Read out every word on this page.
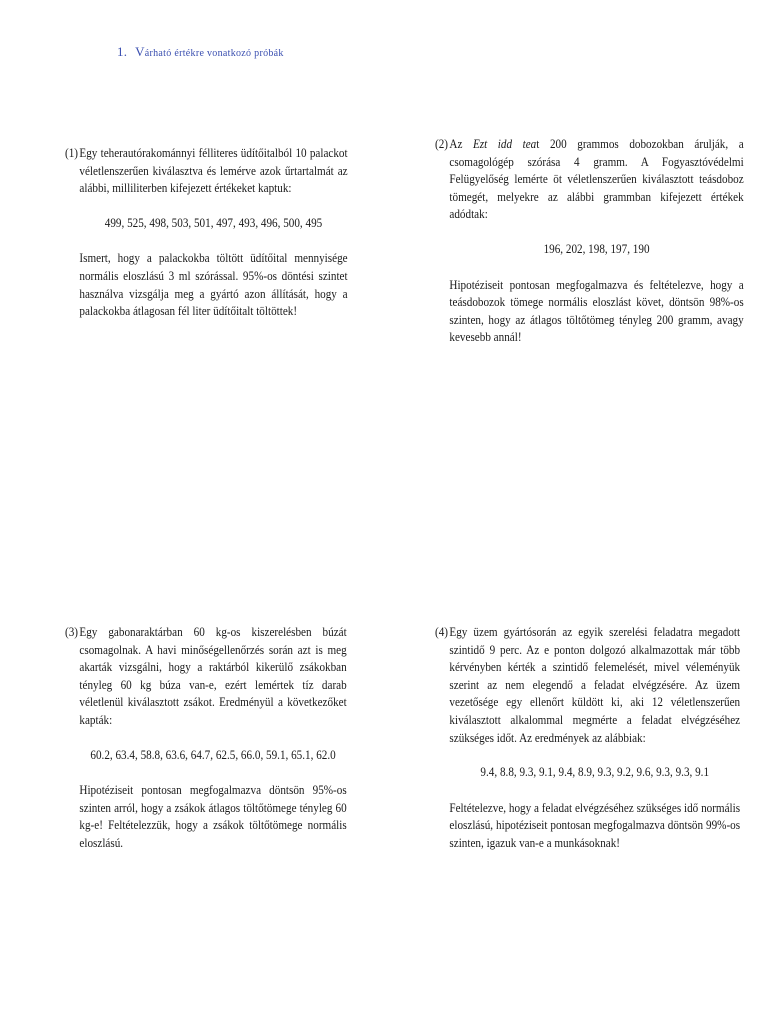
1. Várható értékre vonatkozó próbák
(1) Egy teherautórakománnyi félliteres üdítőitalból 10 palackot véletlenszerűen kiválasztva és lemérve azok űrtartalmát az alábbi, milliliterben kifejezett értékeket kaptuk:
499, 525, 498, 503, 501, 497, 493, 496, 500, 495
Ismert, hogy a palackokba töltött üdítőital mennyisége normális eloszlású 3 ml szórással. 95%-os döntési szintet használva vizsgálja meg a gyártó azon állítását, hogy a palackokba átlagosan fél liter üdítőitalt töltöttek!
(2) Az Ezt idd teat 200 grammos dobozokban árulják, a csomagológép szórása 4 gramm. A Fogyasztóvédelmi Felügyelőség lemérte öt véletlenszerűen kiválasztott teásdoboz tömegét, melyekre az alábbi grammban kifejezett értékek adódtak:
196, 202, 198, 197, 190
Hipotéziseit pontosan megfogalmazva és feltételezve, hogy a teásdobozok tömege normális eloszlást követ, döntsön 98%-os szinten, hogy az átlagos töltőtömeg tényleg 200 gramm, avagy kevesebb annál!
(3) Egy gabonaraktárban 60 kg-os kiszerelésben búzát csomagolnak. A havi minőségellenőrzés során azt is meg akarták vizsgálni, hogy a raktárból kikerülő zsákokban tényleg 60 kg búza van-e, ezért lemértek tíz darab véletlenül kiválasztott zsákot. Eredményül a következőket kapták:
60.2, 63.4, 58.8, 63.6, 64.7, 62.5, 66.0, 59.1, 65.1, 62.0
Hipotéziseit pontosan megfogalmazva döntsön 95%-os szinten arról, hogy a zsákok átlagos töltőtömege tényleg 60 kg-e! Feltételezzük, hogy a zsákok töltőtömege normális eloszlású.
(4) Egy üzem gyártósorán az egyik szerelési feladatra megadott szintidő 9 perc. Az e ponton dolgozó alkalmazottak már több kérvényben kérték a szintidő felemelését, mivel véleményük szerint az nem elegendő a feladat elvégzésére. Az üzem vezetősége egy ellenőrt küldött ki, aki 12 véletlenszerűen kiválasztott alkalommal megmérte a feladat elvégzéséhez szükséges időt. Az eredmények az alábbiak:
9.4, 8.8, 9.3, 9.1, 9.4, 8.9, 9.3, 9.2, 9.6, 9.3, 9.3, 9.1
Feltételezve, hogy a feladat elvégzéséhez szükséges idő normális eloszlású, hipotéziseit pontosan megfogalmazva döntsön 99%-os szinten, igazuk van-e a munkásoknak!
